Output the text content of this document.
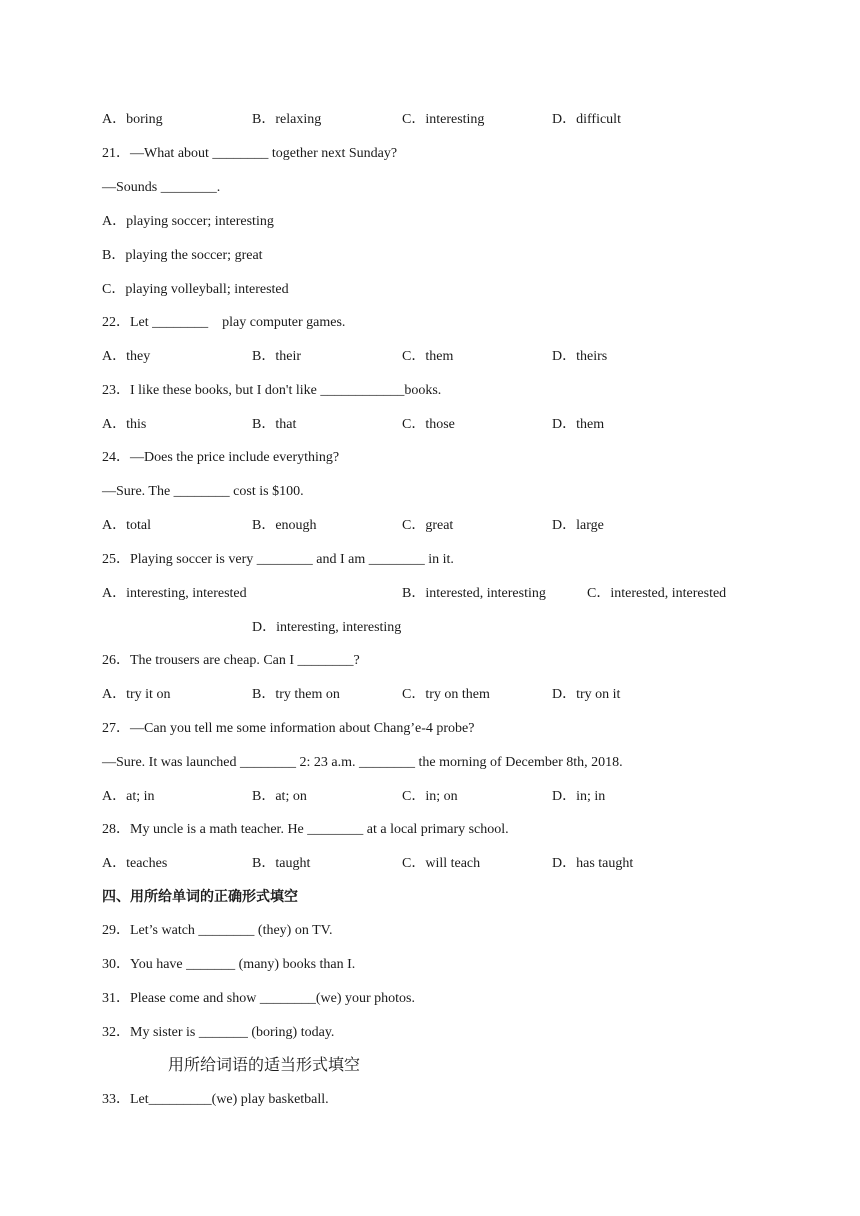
A．boring	B．relaxing	C．interesting	D．difficult
21．—What about ________ together next Sunday?
—Sounds ________.
A．playing soccer; interesting
B．playing the soccer; great
C．playing volleyball; interested
22．Let ________    play computer games.
A．they	B．their	C．them	D．theirs
23．I like these books, but I don't like ____________books.
A．this	B．that	C．those	D．them
24．—Does the price include everything?
—Sure. The ________ cost is $100.
A．total	B．enough	C．great	D．large
25．Playing soccer is very ________ and I am ________ in it.
A．interesting, interested	B．interested, interesting	C．interested, interested
D．interesting, interesting
26．The trousers are cheap. Can I ________?
A．try it on	B．try them on	C．try on them	D．try on it
27．—Can you tell me some information about Chang’e-4 probe?
—Sure. It was launched ________ 2: 23 a.m. ________ the morning of December 8th, 2018.
A．at; in	B．at; on	C．in; on	D．in; in
28．My uncle is a math teacher. He ________ at a local primary school.
A．teaches	B．taught	C．will teach	D．has taught
四、用所给单词的正确形式填空
29．Let’s watch ________ (they) on TV.
30．You have _______ (many) books than I.
31．Please come and show ________(we) your photos.
32．My sister is _______ (boring) today.
用所给词语的适当形式填空
33．Let_________(we) play basketball.
